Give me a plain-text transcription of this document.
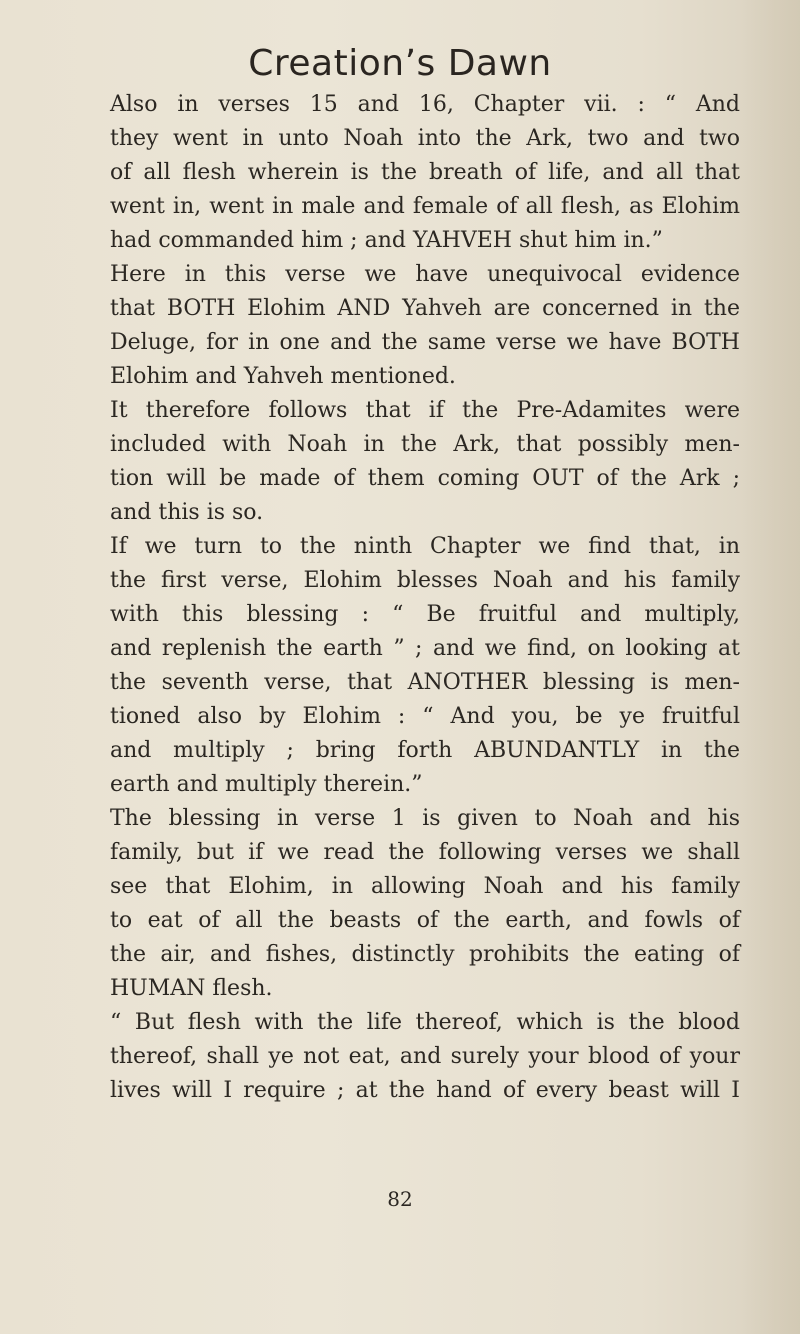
Creation’s Dawn
Also in verses 15 and 16, Chapter vii. : “ And
they went in unto Noah into the Ark, two and two
of all flesh wherein is the breath of life, and all that
went in, went in male and female of all flesh, as Elohim
had commanded him ; and YAHVEH shut him in.”
Here in this verse we have unequivocal evidence
that BOTH Elohim AND Yahveh are concerned in the
Deluge, for in one and the same verse we have BOTH
Elohim and Yahveh mentioned.
It therefore follows that if the Pre-Adamites were
included with Noah in the Ark, that possibly men-
tion will be made of them coming OUT of the Ark ;
and this is so.
If we turn to the ninth Chapter we find that, in
the first verse, Elohim blesses Noah and his family
with this blessing : “ Be fruitful and multiply,
and replenish the earth ” ; and we find, on looking at
the seventh verse, that ANOTHER blessing is men-
tioned also by Elohim : “ And you, be ye fruitful
and multiply ; bring forth ABUNDANTLY in the
earth and multiply therein.”
The blessing in verse 1 is given to Noah and his
family, but if we read the following verses we shall
see that Elohim, in allowing Noah and his family
to eat of all the beasts of the earth, and fowls of
the air, and fishes, distinctly prohibits the eating of
HUMAN flesh.
“ But flesh with the life thereof, which is the blood
thereof, shall ye not eat, and surely your blood of your
lives will I require ; at the hand of every beast will I
82
